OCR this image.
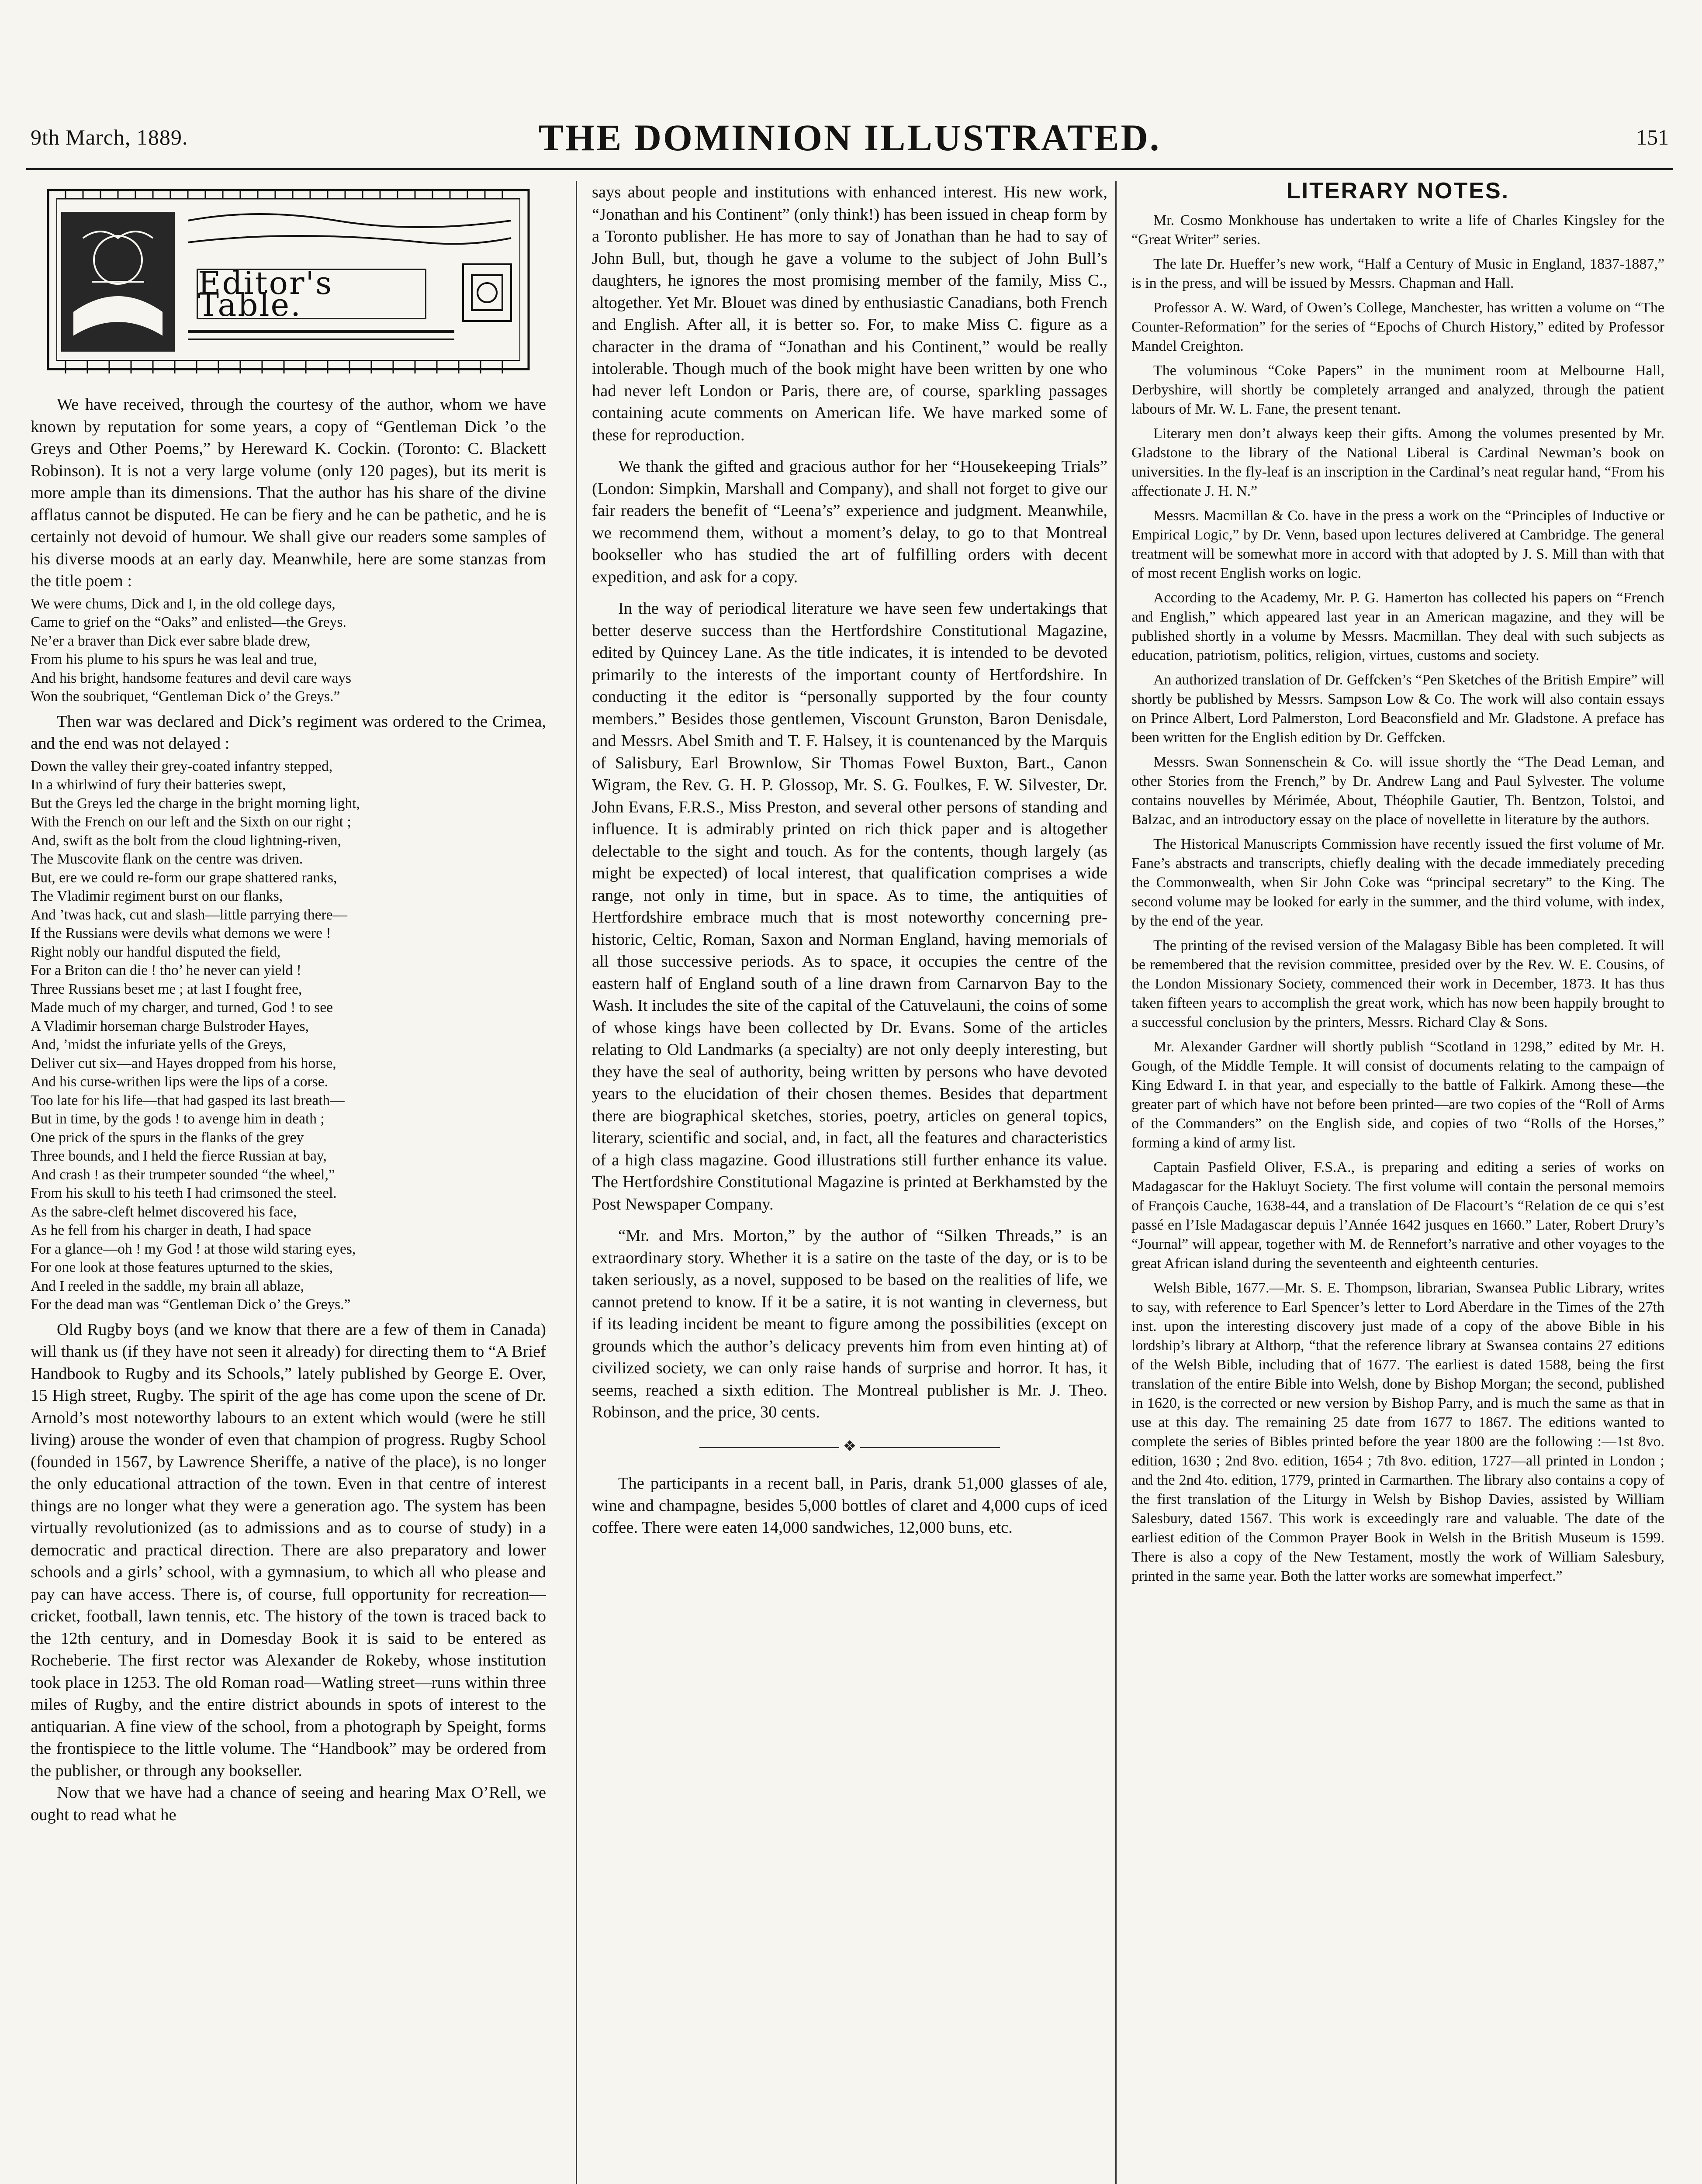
9th March, 1889.	THE DOMINION ILLUSTRATED.	151
Editor's Table.

We have received, through the courtesy of the author, whom we have known by reputation for some years, a copy of “Gentleman Dick ’o the Greys and Other Poems,” by Hereward K. Cockin. (Toronto: C. Blackett Robinson). It is not a very large volume (only 120 pages), but its merit is more ample than its dimensions. That the author has his share of the divine afflatus cannot be disputed. He can be fiery and he can be pathetic, and he is certainly not devoid of humour. We shall give our readers some samples of his diverse moods at an early day. Meanwhile, here are some stanzas from the title poem :

We were chums, Dick and I, in the old college days,
Came to grief on the “Oaks” and enlisted—the Greys.
Ne’er a braver than Dick ever sabre blade drew,
From his plume to his spurs he was leal and true,
And his bright, handsome features and devil care ways
Won the soubriquet, “Gentleman Dick o’ the Greys.”

Then war was declared and Dick’s regiment was ordered to the Crimea, and the end was not delayed :

Down the valley their grey-coated infantry stepped,
In a whirlwind of fury their batteries swept,
But the Greys led the charge in the bright morning light,
With the French on our left and the Sixth on our right ;
And, swift as the bolt from the cloud lightning-riven,
The Muscovite flank on the centre was driven.
But, ere we could re-form our grape shattered ranks,
The Vladimir regiment burst on our flanks,
And ’twas hack, cut and slash—little parrying there—
If the Russians were devils what demons we were !
Right nobly our handful disputed the field,
For a Briton can die ! tho’ he never can yield !
Three Russians beset me ; at last I fought free,
Made much of my charger, and turned, God ! to see
A Vladimir horseman charge Bulstroder Hayes,
And, ’midst the infuriate yells of the Greys,
Deliver cut six—and Hayes dropped from his horse,
And his curse-writhen lips were the lips of a corse.
Too late for his life—that had gasped its last breath—
But in time, by the gods ! to avenge him in death ;
One prick of the spurs in the flanks of the grey
Three bounds, and I held the fierce Russian at bay,
And crash ! as their trumpeter sounded “the wheel,”
From his skull to his teeth I had crimsoned the steel.
As the sabre-cleft helmet discovered his face,
As he fell from his charger in death, I had space
For a glance—oh ! my God ! at those wild staring eyes,
For one look at those features upturned to the skies,
And I reeled in the saddle, my brain all ablaze,
For the dead man was “Gentleman Dick o’ the Greys.”

Old Rugby boys (and we know that there are a few of them in Canada) will thank us (if they have not seen it already) for directing them to “A Brief Handbook to Rugby and its Schools,” lately published by George E. Over, 15 High street, Rugby. The spirit of the age has come upon the scene of Dr. Arnold’s most noteworthy labours to an extent which would (were he still living) arouse the wonder of even that champion of progress. Rugby School (founded in 1567, by Lawrence Sheriffe, a native of the place), is no longer the only educational attraction of the town. Even in that centre of interest things are no longer what they were a generation ago. The system has been virtually revolutionized (as to admissions and as to course of study) in a democratic and practical direction. There are also preparatory and lower schools and a girls’ school, with a gymnasium, to which all who please and pay can have access. There is, of course, full opportunity for recreation—cricket, football, lawn tennis, etc. The history of the town is traced back to the 12th century, and in Domesday Book it is said to be entered as Rocheberie. The first rector was Alexander de Rokeby, whose institution took place in 1253. The old Roman road—Watling street—runs within three miles of Rugby, and the entire district abounds in spots of interest to the antiquarian. A fine view of the school, from a photograph by Speight, forms the frontispiece to the little volume. The “Handbook” may be ordered from the publisher, or through any bookseller.

Now that we have had a chance of seeing and hearing Max O’Rell, we ought to read what he

says about people and institutions with enhanced interest. His new work, “Jonathan and his Continent” (only think!) has been issued in cheap form by a Toronto publisher. He has more to say of Jonathan than he had to say of John Bull, but, though he gave a volume to the subject of John Bull’s daughters, he ignores the most promising member of the family, Miss C., altogether. Yet Mr. Blouet was dined by enthusiastic Canadians, both French and English. After all, it is better so. For, to make Miss C. figure as a character in the drama of “Jonathan and his Continent,” would be really intolerable. Though much of the book might have been written by one who had never left London or Paris, there are, of course, sparkling passages containing acute comments on American life. We have marked some of these for reproduction.

We thank the gifted and gracious author for her “Housekeeping Trials” (London: Simpkin, Marshall and Company), and shall not forget to give our fair readers the benefit of “Leena’s” experience and judgment. Meanwhile, we recommend them, without a moment’s delay, to go to that Montreal bookseller who has studied the art of fulfilling orders with decent expedition, and ask for a copy.

In the way of periodical literature we have seen few undertakings that better deserve success than the Hertfordshire Constitutional Magazine, edited by Quincey Lane. As the title indicates, it is intended to be devoted primarily to the interests of the important county of Hertfordshire. In conducting it the editor is “personally supported by the four county members.” Besides those gentlemen, Viscount Grunston, Baron Denisdale, and Messrs. Abel Smith and T. F. Halsey, it is countenanced by the Marquis of Salisbury, Earl Brownlow, Sir Thomas Fowel Buxton, Bart., Canon Wigram, the Rev. G. H. P. Glossop, Mr. S. G. Foulkes, F. W. Silvester, Dr. John Evans, F.R.S., Miss Preston, and several other persons of standing and influence. It is admirably printed on rich thick paper and is altogether delectable to the sight and touch. As for the contents, though largely (as might be expected) of local interest, that qualification comprises a wide range, not only in time, but in space. As to time, the antiquities of Hertfordshire embrace much that is most noteworthy concerning pre-historic, Celtic, Roman, Saxon and Norman England, having memorials of all those successive periods. As to space, it occupies the centre of the eastern half of England south of a line drawn from Carnarvon Bay to the Wash. It includes the site of the capital of the Catuvelauni, the coins of some of whose kings have been collected by Dr. Evans. Some of the articles relating to Old Landmarks (a specialty) are not only deeply interesting, but they have the seal of authority, being written by persons who have devoted years to the elucidation of their chosen themes. Besides that department there are biographical sketches, stories, poetry, articles on general topics, literary, scientific and social, and, in fact, all the features and characteristics of a high class magazine. Good illustrations still further enhance its value. The Hertfordshire Constitutional Magazine is printed at Berkhamsted by the Post Newspaper Company.

“Mr. and Mrs. Morton,” by the author of “Silken Threads,” is an extraordinary story. Whether it is a satire on the taste of the day, or is to be taken seriously, as a novel, supposed to be based on the realities of life, we cannot pretend to know. If it be a satire, it is not wanting in cleverness, but if its leading incident be meant to figure among the possibilities (except on grounds which the author’s delicacy prevents him from even hinting at) of civilized society, we can only raise hands of surprise and horror. It has, it seems, reached a sixth edition. The Montreal publisher is Mr. J. Theo. Robinson, and the price, 30 cents.

❖

The participants in a recent ball, in Paris, drank 51,000 glasses of ale, wine and champagne, besides 5,000 bottles of claret and 4,000 cups of iced coffee. There were eaten 14,000 sandwiches, 12,000 buns, etc.

LITERARY NOTES.

Mr. Cosmo Monkhouse has undertaken to write a life of Charles Kingsley for the “Great Writer” series.

The late Dr. Hueffer’s new work, “Half a Century of Music in England, 1837-1887,” is in the press, and will be issued by Messrs. Chapman and Hall.

Professor A. W. Ward, of Owen’s College, Manchester, has written a volume on “The Counter-Reformation” for the series of “Epochs of Church History,” edited by Professor Mandel Creighton.

The voluminous “Coke Papers” in the muniment room at Melbourne Hall, Derbyshire, will shortly be completely arranged and analyzed, through the patient labours of Mr. W. L. Fane, the present tenant.

Literary men don’t always keep their gifts. Among the volumes presented by Mr. Gladstone to the library of the National Liberal is Cardinal Newman’s book on universities. In the fly-leaf is an inscription in the Cardinal’s neat regular hand, “From his affectionate J. H. N.”

Messrs. Macmillan & Co. have in the press a work on the “Principles of Inductive or Empirical Logic,” by Dr. Venn, based upon lectures delivered at Cambridge. The general treatment will be somewhat more in accord with that adopted by J. S. Mill than with that of most recent English works on logic.

According to the Academy, Mr. P. G. Hamerton has collected his papers on “French and English,” which appeared last year in an American magazine, and they will be published shortly in a volume by Messrs. Macmillan. They deal with such subjects as education, patriotism, politics, religion, virtues, customs and society.

An authorized translation of Dr. Geffcken’s “Pen Sketches of the British Empire” will shortly be published by Messrs. Sampson Low & Co. The work will also contain essays on Prince Albert, Lord Palmerston, Lord Beaconsfield and Mr. Gladstone. A preface has been written for the English edition by Dr. Geffcken.

Messrs. Swan Sonnenschein & Co. will issue shortly the “The Dead Leman, and other Stories from the French,” by Dr. Andrew Lang and Paul Sylvester. The volume contains nouvelles by Mérimée, About, Théophile Gautier, Th. Bentzon, Tolstoi, and Balzac, and an introductory essay on the place of novellette in literature by the authors.

The Historical Manuscripts Commission have recently issued the first volume of Mr. Fane’s abstracts and transcripts, chiefly dealing with the decade immediately preceding the Commonwealth, when Sir John Coke was “principal secretary” to the King. The second volume may be looked for early in the summer, and the third volume, with index, by the end of the year.

The printing of the revised version of the Malagasy Bible has been completed. It will be remembered that the revision committee, presided over by the Rev. W. E. Cousins, of the London Missionary Society, commenced their work in December, 1873. It has thus taken fifteen years to accomplish the great work, which has now been happily brought to a successful conclusion by the printers, Messrs. Richard Clay & Sons.

Mr. Alexander Gardner will shortly publish “Scotland in 1298,” edited by Mr. H. Gough, of the Middle Temple. It will consist of documents relating to the campaign of King Edward I. in that year, and especially to the battle of Falkirk. Among these—the greater part of which have not before been printed—are two copies of the “Roll of Arms of the Commanders” on the English side, and copies of two “Rolls of the Horses,” forming a kind of army list.

Captain Pasfield Oliver, F.S.A., is preparing and editing a series of works on Madagascar for the Hakluyt Society. The first volume will contain the personal memoirs of François Cauche, 1638-44, and a translation of De Flacourt’s “Relation de ce qui s’est passé en l’Isle Madagascar depuis l’Année 1642 jusques en 1660.” Later, Robert Drury’s “Journal” will appear, together with M. de Rennefort’s narrative and other voyages to the great African island during the seventeenth and eighteenth centuries.

Welsh Bible, 1677.—Mr. S. E. Thompson, librarian, Swansea Public Library, writes to say, with reference to Earl Spencer’s letter to Lord Aberdare in the Times of the 27th inst. upon the interesting discovery just made of a copy of the above Bible in his lordship’s library at Althorp, “that the reference library at Swansea contains 27 editions of the Welsh Bible, including that of 1677. The earliest is dated 1588, being the first translation of the entire Bible into Welsh, done by Bishop Morgan; the second, published in 1620, is the corrected or new version by Bishop Parry, and is much the same as that in use at this day. The remaining 25 date from 1677 to 1867. The editions wanted to complete the series of Bibles printed before the year 1800 are the following :—1st 8vo. edition, 1630 ; 2nd 8vo. edition, 1654 ; 7th 8vo. edition, 1727—all printed in London ; and the 2nd 4to. edition, 1779, printed in Carmarthen. The library also contains a copy of the first translation of the Liturgy in Welsh by Bishop Davies, assisted by William Salesbury, dated 1567. This work is exceedingly rare and valuable. The date of the earliest edition of the Common Prayer Book in Welsh in the British Museum is 1599. There is also a copy of the New Testament, mostly the work of William Salesbury, printed in the same year. Both the latter works are somewhat imperfect.”
